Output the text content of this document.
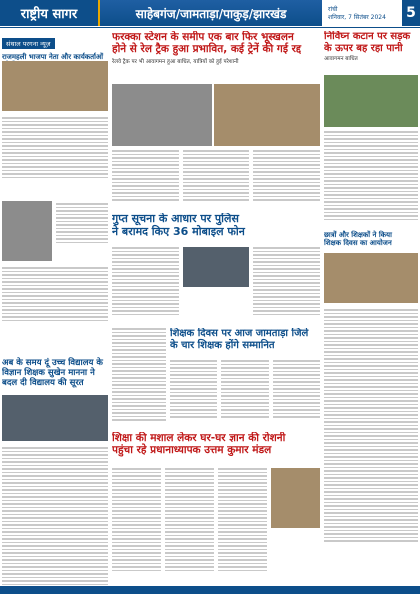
राष्ट्रीय सागर	साहेबगंज/जामताड़ा/पाकुड़/झारखंड	रांची
शनिवार, 7 सितंबर 2024	5
संथाल परगना न्यूज़
राजमहली भाजपा नेता और कार्यकर्ताओं
अब के समय दूं उच्च विद्यालय के
विज्ञान शिक्षक सुखेन मानना ने
बदल दी विद्यालय की सूरत
फरक्का स्टेशन के समीप एक बार फिर भूस्खलन
होने से रेल ट्रैक हुआ प्रभावित, कई ट्रेनें की गई रद्द
रेलवे ट्रैक पर भी आवागमन हुआ बाधित, यात्रियों को हुई परेशानी
गुप्त सूचना के आधार पर पुलिस
ने बरामद किए 36 मोबाइल फोन
शिक्षक दिवस पर आज जामताड़ा जिले
के चार शिक्षक होंगे सम्मानित
शिक्षा की मशाल लेकर घर-घर ज्ञान की रोशनी
पहुंचा रहे प्रधानाध्यापक उत्तम कुमार मंडल
निर्विघ्न कटान पर सड़क
के ऊपर बह रहा पानी
आवागमन बाधित
छात्रों और शिक्षकों ने किया
शिक्षक दिवस का आयोजन
